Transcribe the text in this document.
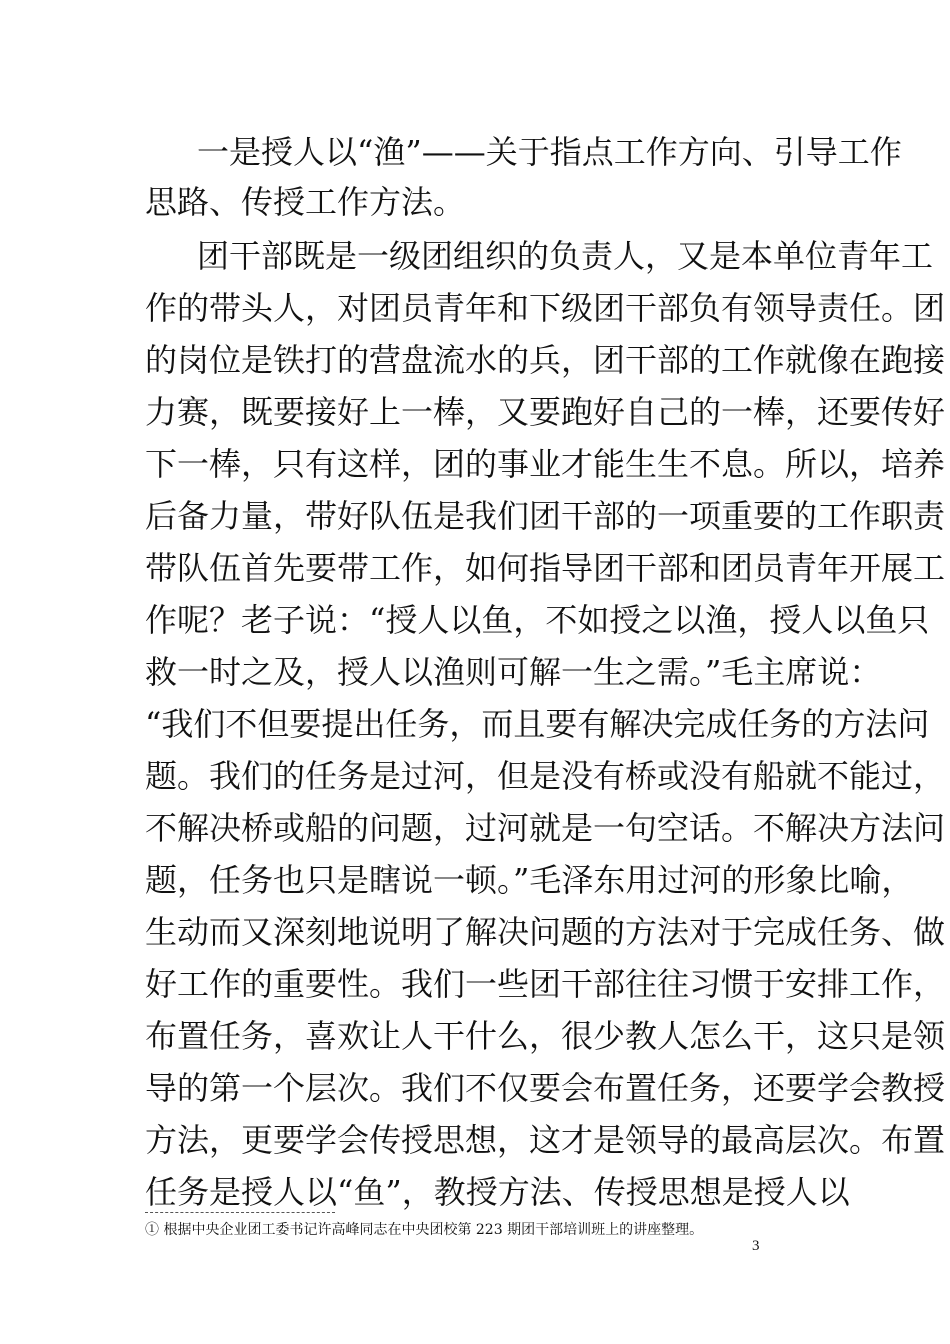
一是授人以“渔”——关于指点工作方向、引导工作
思路、传授工作方法。
团干部既是一级团组织的负责人，又是本单位青年工
作的带头人，对团员青年和下级团干部负有领导责任。团
的岗位是铁打的营盘流水的兵，团干部的工作就像在跑接
力赛，既要接好上一棒，又要跑好自己的一棒，还要传好
下一棒，只有这样，团的事业才能生生不息。所以，培养
后备力量，带好队伍是我们团干部的一项重要的工作职责
带队伍首先要带工作，如何指导团干部和团员青年开展工
作呢？老子说：“授人以鱼，不如授之以渔，授人以鱼只
救一时之及，授人以渔则可解一生之需。”毛主席说：
“我们不但要提出任务，而且要有解决完成任务的方法问
题。我们的任务是过河，但是没有桥或没有船就不能过，
不解决桥或船的问题，过河就是一句空话。不解决方法问
题，任务也只是瞎说一顿。”毛泽东用过河的形象比喻，
生动而又深刻地说明了解决问题的方法对于完成任务、做
好工作的重要性。我们一些团干部往往习惯于安排工作，
布置任务，喜欢让人干什么，很少教人怎么干，这只是领
导的第一个层次。我们不仅要会布置任务，还要学会教授
方法，更要学会传授思想，这才是领导的最高层次。布置
任务是授人以“鱼”，教授方法、传授思想是授人以
① 根据中央企业团工委书记许高峰同志在中央团校第 223 期团干部培训班上的讲座整理。
3
